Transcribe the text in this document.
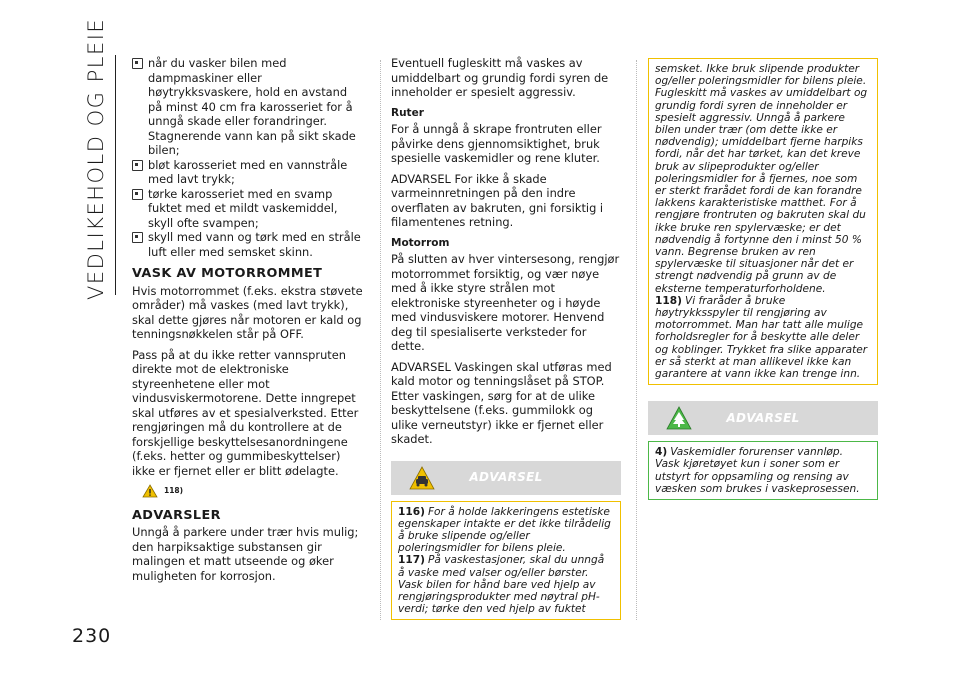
VEDLIKEHOLD OG PLEIE
230
når du vasker bilen med dampmaskiner eller høytrykksvaskere, hold en avstand på minst 40 cm fra karosseriet for å unngå skade eller forandringer. Stagnerende vann kan på sikt skade bilen;
bløt karosseriet med en vannstråle med lavt trykk;
tørke karosseriet med en svamp fuktet med et mildt vaskemiddel, skyll ofte svampen;
skyll med vann og tørk med en stråle luft eller med semsket skinn.
VASK AV MOTORROMMET

Hvis motorrommet (f.eks. ekstra støvete områder) må vaskes (med lavt trykk), skal dette gjøres når motoren er kald og tenningsnøkkelen står på OFF.

Pass på at du ikke retter vannspruten direkte mot de elektroniske styreenhetene eller mot vindusviskermotorene. Dette inngrepet skal utføres av et spesialverksted. Etter rengjøringen må du kontrollere at de forskjellige beskyttelsesanordningene (f.eks. hetter og gummibeskyttelser) ikke er fjernet eller er blitt ødelagte.

118)
ADVARSLER

Unngå å parkere under trær hvis mulig; den harpiksaktige substansen gir malingen et matt utseende og øker muligheten for korrosjon.

Eventuell fugleskitt må vaskes av umiddelbart og grundig fordi syren de inneholder er spesielt aggressiv.

Ruter

For å unngå å skrape frontruten eller påvirke dens gjennomsiktighet, bruk spesielle vaskemidler og rene kluter.

ADVARSEL For ikke å skade varmeinnretningen på den indre overflaten av bakruten, gni forsiktig i filamentenes retning.

Motorrom

På slutten av hver vintersesong, rengjør motorrommet forsiktig, og vær nøye med å ikke styre strålen mot elektroniske styreenheter og i høyde med vindusviskere motorer. Henvend deg til spesialiserte verksteder for dette.

ADVARSEL Vaskingen skal utføras med kald motor og tenningslåset på STOP. Etter vaskingen, sørg for at de ulike beskyttelsene (f.eks. gummilokk og ulike verneutstyr) ikke er fjernet eller skadet.

ADVARSEL
116) For å holde lakkeringens estetiske egenskaper intakte er det ikke tilrådelig å bruke slipende og/eller poleringsmidler for bilens pleie.
117) På vaskestasjoner, skal du unngå å vaske med valser og/eller børster. Vask bilen for hånd bare ved hjelp av rengjøringsprodukter med nøytral pH-verdi; tørke den ved hjelp av fuktet
semsket. Ikke bruk slipende produkter og/eller poleringsmidler for bilens pleie. Fugleskitt må vaskes av umiddelbart og grundig fordi syren de inneholder er spesielt aggressiv. Unngå å parkere bilen under trær (om dette ikke er nødvendig); umiddelbart fjerne harpiks fordi, når det har tørket, kan det kreve bruk av slipeprodukter og/eller poleringsmidler for å fjernes, noe som er sterkt frarådet fordi de kan forandre lakkens karakteristiske matthet. For å rengjøre frontruten og bakruten skal du ikke bruke ren spylervæske; er det nødvendig å fortynne den i minst 50 % vann. Begrense bruken av ren spylervæske til situasjoner når det er strengt nødvendig på grunn av de eksterne temperaturforholdene.
118) Vi fraråder å bruke høytrykksspyler til rengjøring av motorrommet. Man har tatt alle mulige forholdsregler for å beskytte alle deler og koblinger. Trykket fra slike apparater er så sterkt at man allikevel ikke kan garantere at vann ikke kan trenge inn.
ADVARSEL
4) Vaskemidler forurenser vannløp. Vask kjøretøyet kun i soner som er utstyrt for oppsamling og rensing av væsken som brukes i vaskeprosessen.
